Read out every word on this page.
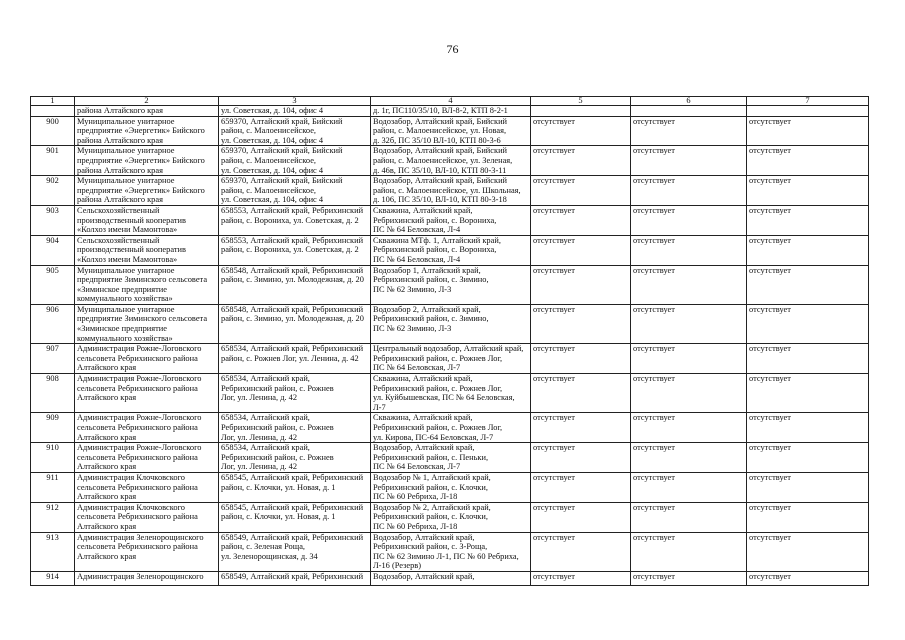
76
1	2	3	4	5	6	7

	района Алтайского края	ул. Советская, д. 104, офис 4	д. 1г, ПС110/35/10, ВЛ-8-2, КТП 8-2-1			

900	Муниципальное унитарное
предприятие «Энергетик» Бийского
района Алтайского края	659370, Алтайский край, Бийский
район, с. Малоенисейское,
ул. Советская, д. 104, офис 4	Водозабор, Алтайский край, Бийский
район, с. Малоенисейское, ул. Новая,
д. 32б, ПС 35/10 ВЛ-10, КТП 80-3-6	отсутствует	отсутствует	отсутствует

901	Муниципальное унитарное
предприятие «Энергетик» Бийского
района Алтайского края	659370, Алтайский край, Бийский
район, с. Малоенисейское,
ул. Советская, д. 104, офис 4	Водозабор, Алтайский край, Бийский
район, с. Малоенисейское, ул. Зеленая,
д. 46в, ПС 35/10, ВЛ-10, КТП 80-3-11	отсутствует	отсутствует	отсутствует

902	Муниципальное унитарное
предприятие «Энергетик» Бийского
района Алтайского края	659370, Алтайский край, Бийский
район, с. Малоенисейское,
ул. Советская, д. 104, офис 4	Водозабор, Алтайский край, Бийский
район, с. Малоенисейское, ул. Школьная,
д. 106, ПС 35/10, ВЛ-10, КТП 80-3-18	отсутствует	отсутствует	отсутствует

903	Сельскохозяйственный
производственный кооператив
«Колхоз имени Мамонтова»	658553, Алтайский край, Ребрихинский
район, с. Ворониха, ул. Советская, д. 2	Скважина, Алтайский край,
Ребрихинский район, с. Ворониха,
ПС № 64 Беловская, Л-4	отсутствует	отсутствует	отсутствует

904	Сельскохозяйственный
производственный кооператив
«Колхоз имени Мамонтова»	658553, Алтайский край, Ребрихинский
район, с. Ворониха, ул. Советская, д. 2	Скважина МТф. 1, Алтайский край,
Ребрихинский район, с. Ворониха,
ПС № 64 Беловская, Л-4	отсутствует	отсутствует	отсутствует

905	Муниципальное унитарное
предприятие Зиминского сельсовета
«Зиминское предприятие
коммунального хозяйства»	658548, Алтайский край, Ребрихинский
район, с. Зимино, ул. Молодежная, д. 20	Водозабор 1, Алтайский край,
Ребрихинский район, с. Зимино,
ПС № 62 Зимино, Л-3	отсутствует	отсутствует	отсутствует

906	Муниципальное унитарное
предприятие Зиминского сельсовета
«Зиминское предприятие
коммунального хозяйства»	658548, Алтайский край, Ребрихинский
район, с. Зимино, ул. Молодежная, д. 20	Водозабор 2, Алтайский край,
Ребрихинский район, с. Зимино,
ПС № 62 Зимино, Л-3	отсутствует	отсутствует	отсутствует

907	Администрация Рожне-Логовского
сельсовета Ребрихинского района
Алтайского края	658534, Алтайский край, Ребрихинский
район, с. Рожнев Лог, ул. Ленина, д. 42	Центральный водозабор, Алтайский край,
Ребрихинский район, с. Рожнев Лог,
ПС № 64 Беловская, Л-7	отсутствует	отсутствует	отсутствует

908	Администрация Рожне-Логовского
сельсовета Ребрихинского района
Алтайского края	658534, Алтайский край,
Ребрихинский район, с. Рожнев
Лог, ул. Ленина, д. 42	Скважина, Алтайский край,
Ребрихинский район, с. Рожнев Лог,
ул. Куйбышевская, ПС № 64 Беловская,
Л-7	отсутствует	отсутствует	отсутствует

909	Администрация Рожне-Логовского
сельсовета Ребрихинского района
Алтайского края	658534, Алтайский край,
Ребрихинский район, с. Рожнев
Лог, ул. Ленина, д. 42	Скважина, Алтайский край,
Ребрихинский район, с. Рожнев Лог,
ул. Кирова, ПС-64 Беловская, Л-7	отсутствует	отсутствует	отсутствует

910	Администрация Рожне-Логовского
сельсовета Ребрихинского района
Алтайского края	658534, Алтайский край,
Ребрихинский район, с. Рожнев
Лог, ул. Ленина, д. 42	Водозабор, Алтайский край,
Ребрихинский район, с. Пеньки,
ПС № 64 Беловская, Л-7	отсутствует	отсутствует	отсутствует

911	Администрация Клочковского
сельсовета Ребрихинского района
Алтайского края	658545, Алтайский край, Ребрихинский
район, с. Клочки, ул. Новая, д. 1	Водозабор № 1, Алтайский край,
Ребрихинский район, с. Клочки,
ПС № 60 Ребриха, Л-18	отсутствует	отсутствует	отсутствует

912	Администрация Клочковского
сельсовета Ребрихинского района
Алтайского края	658545, Алтайский край, Ребрихинский
район, с. Клочки, ул. Новая, д. 1	Водозабор № 2, Алтайский край,
Ребрихинский район, с. Клочки,
ПС № 60 Ребриха, Л-18	отсутствует	отсутствует	отсутствует

913	Администрация Зеленорощинского
сельсовета Ребрихинского района
Алтайского края	658549, Алтайский край, Ребрихинский
район, с. Зеленая Роща,
ул. Зеленорощинская, д. 34	Водозабор, Алтайский край,
Ребрихинский район, с. З-Роща,
ПС № 62 Зимино Л-1, ПС № 60 Ребриха,
Л-16 (Резерв)	отсутствует	отсутствует	отсутствует

914	Администрация Зеленорощинского	658549, Алтайский край, Ребрихинский	Водозабор, Алтайский край,	отсутствует	отсутствует	отсутствует
